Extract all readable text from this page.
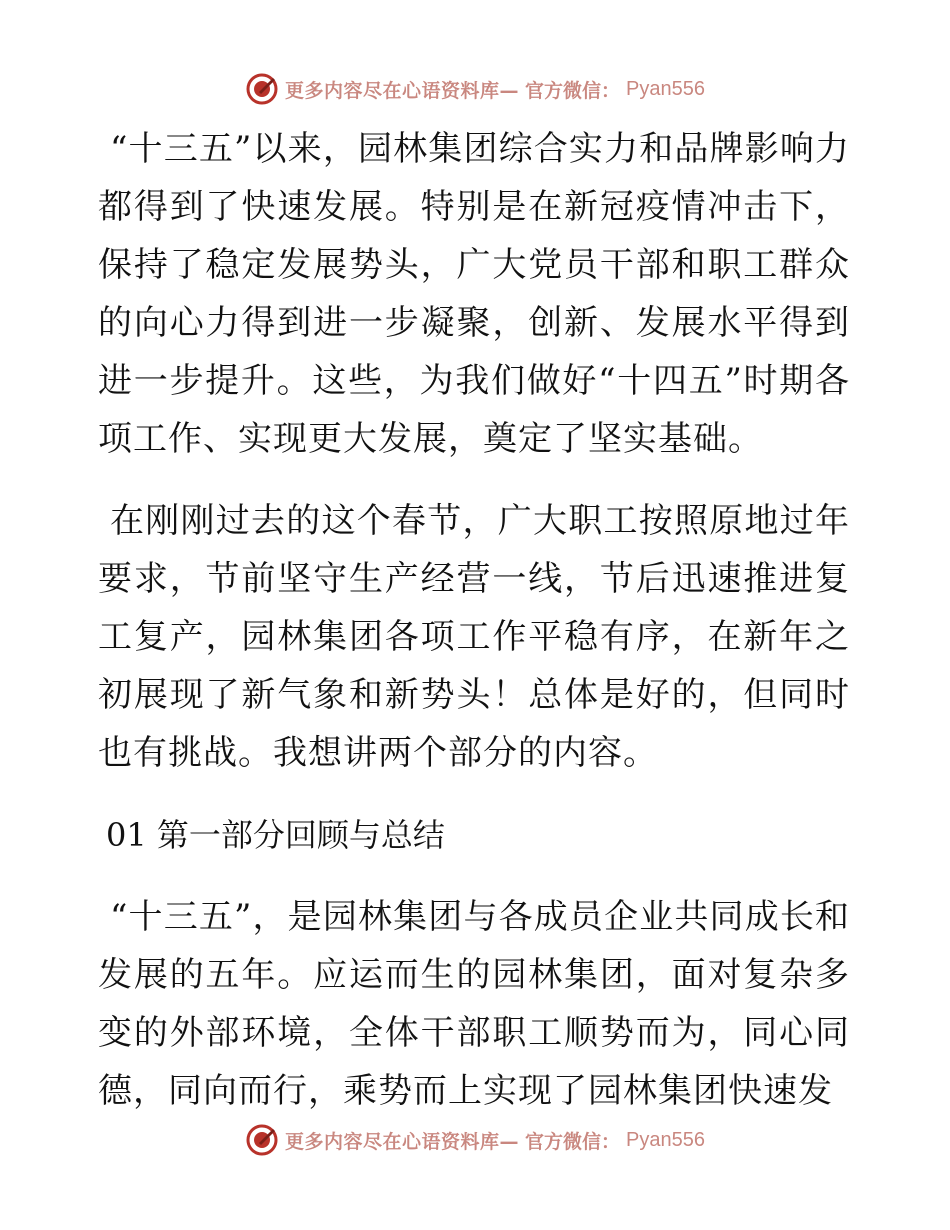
更多内容尽在心语资料库— 官方微信： Pyan556

“十三五”以来，园林集团综合实力和品牌影响力都得到了快速发展。特别是在新冠疫情冲击下，保持了稳定发展势头，广大党员干部和职工群众的向心力得到进一步凝聚，创新、发展水平得到进一步提升。这些，为我们做好“十四五”时期各项工作、实现更大发展，奠定了坚实基础。

在刚刚过去的这个春节，广大职工按照原地过年要求，节前坚守生产经营一线，节后迅速推进复工复产，园林集团各项工作平稳有序，在新年之初展现了新气象和新势头！总体是好的，但同时也有挑战。我想讲两个部分的内容。

01 第一部分回顾与总结

“十三五”，是园林集团与各成员企业共同成长和发展的五年。应运而生的园林集团，面对复杂多变的外部环境，全体干部职工顺势而为，同心同德，同向而行，乘势而上实现了园林集团快速发

更多内容尽在心语资料库— 官方微信： Pyan556
